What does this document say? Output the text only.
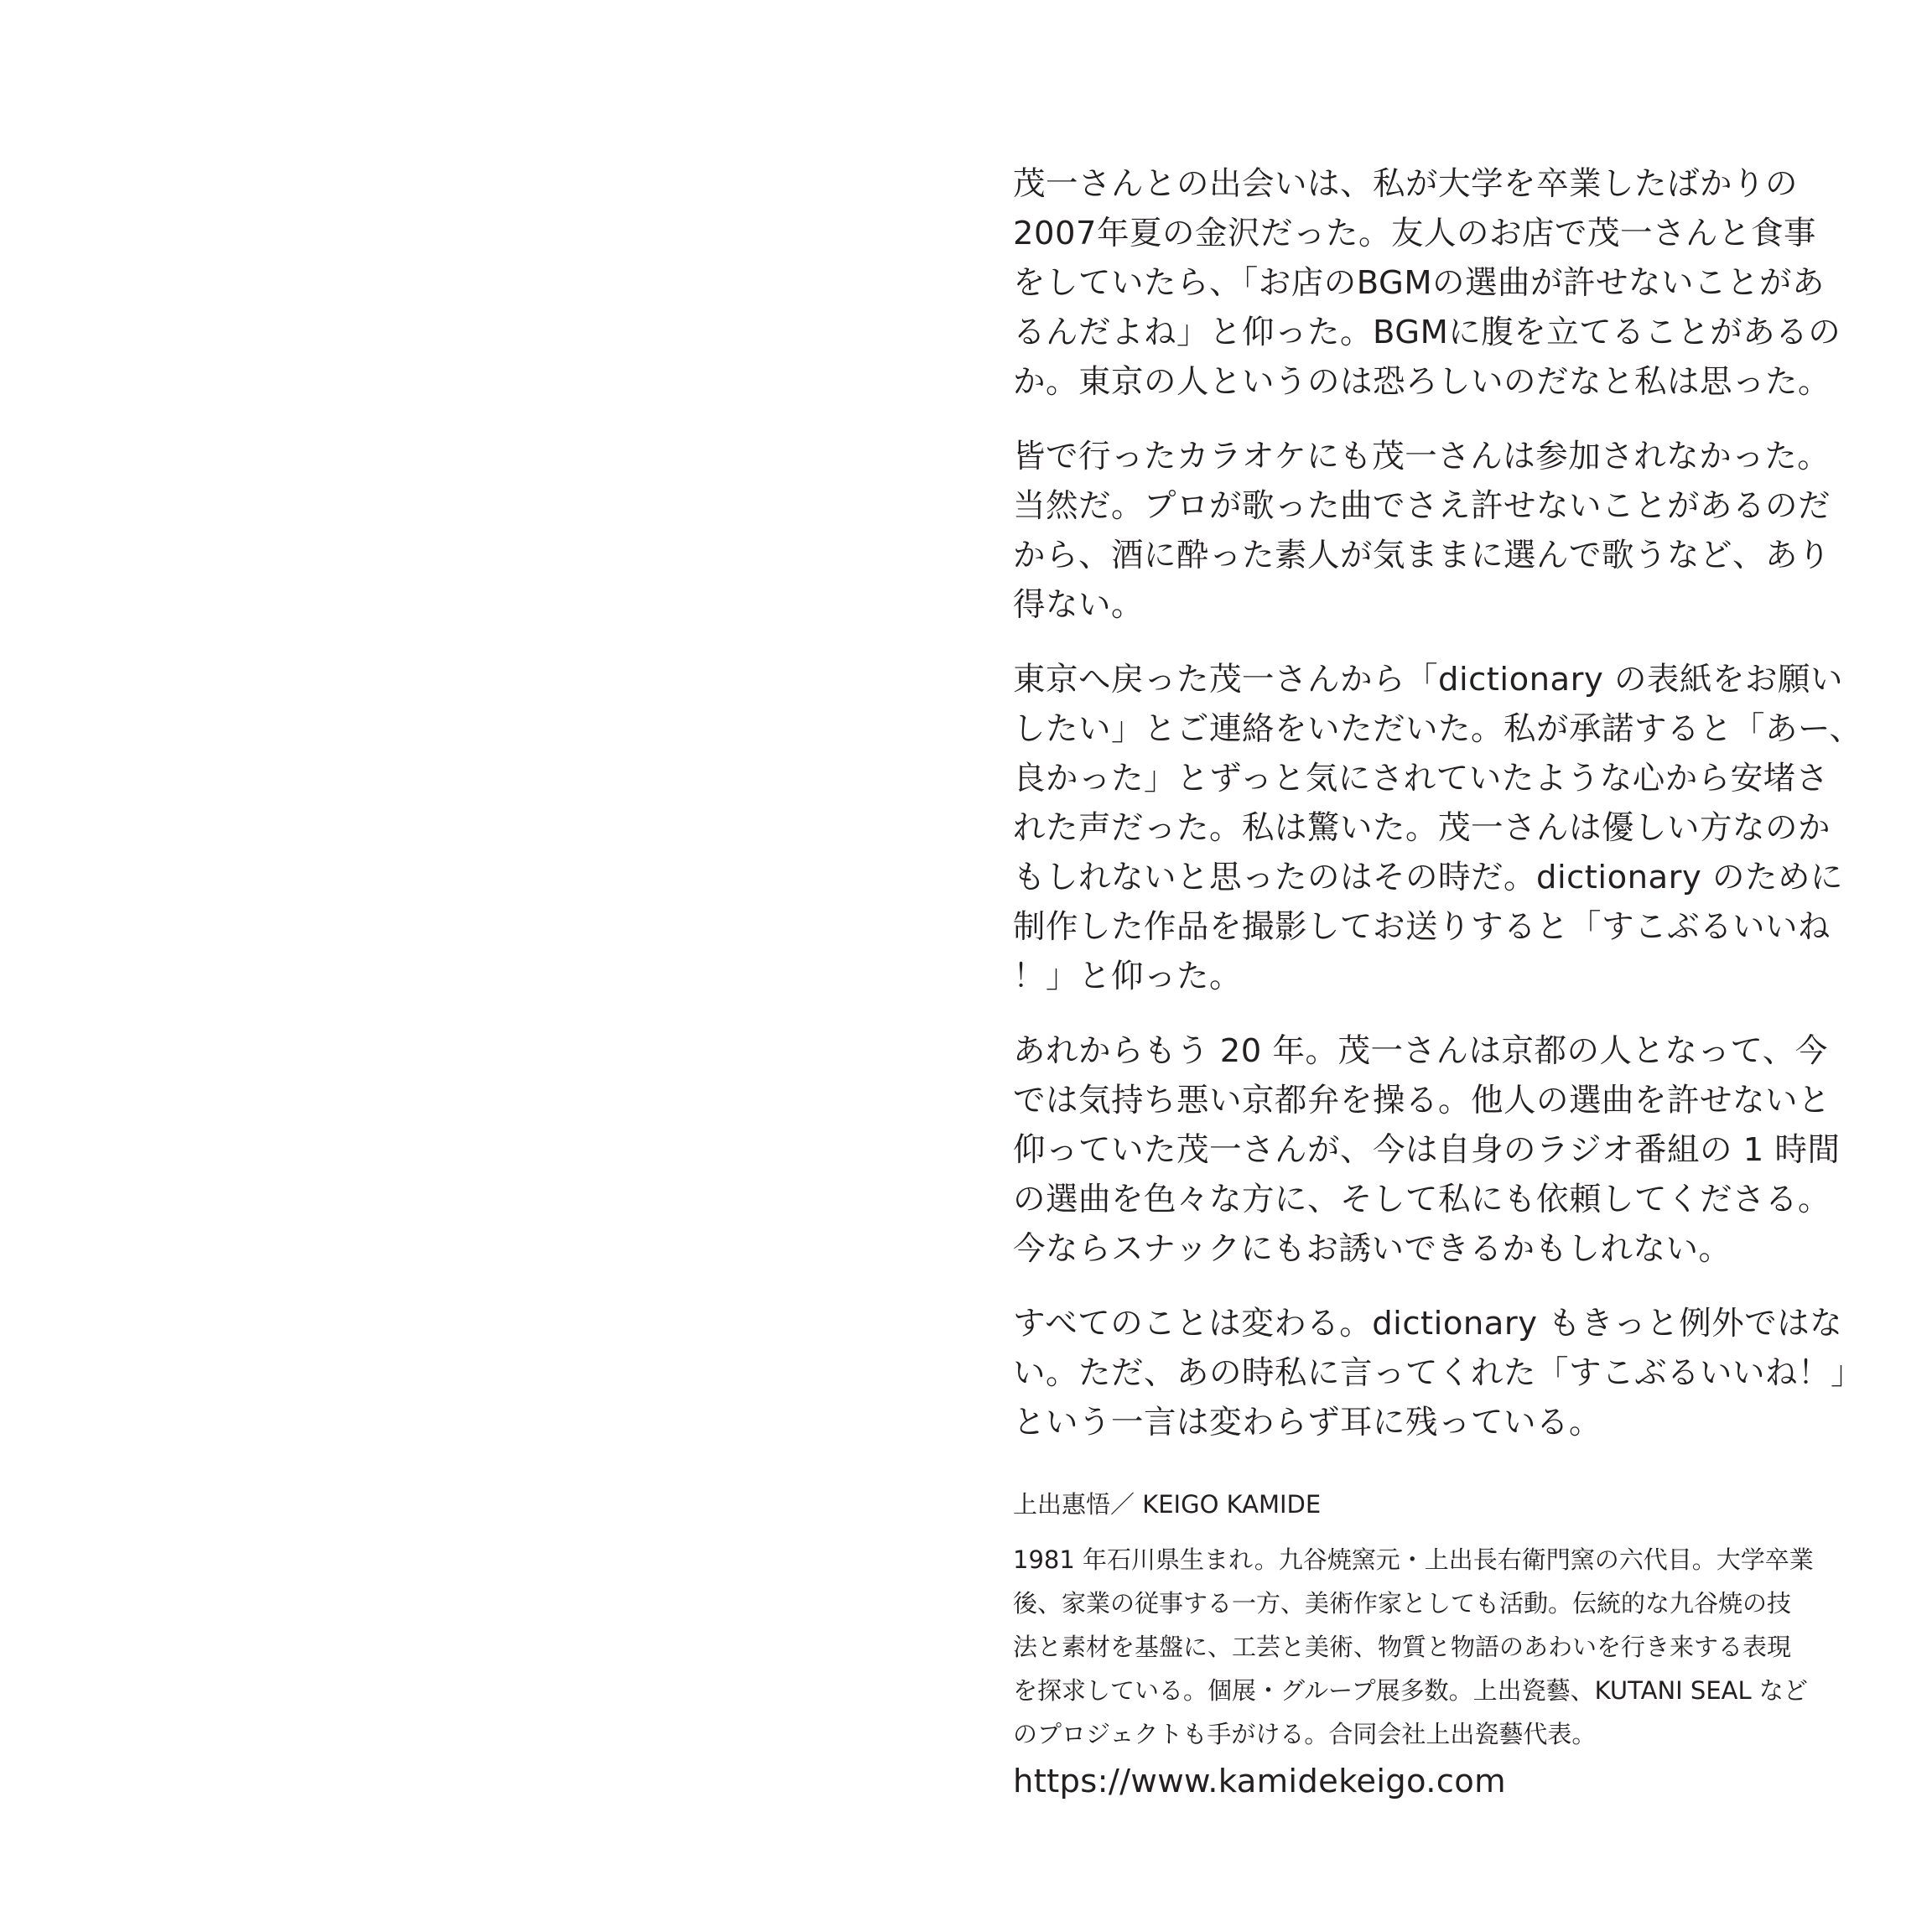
茂一さんとの出会いは、私が大学を卒業したばかりの
2007年夏の金沢だった。友人のお店で茂一さんと食事
をしていたら、「お店のBGMの選曲が許せないことがあ
るんだよね」と仰った。BGMに腹を立てることがあるの
か。東京の人というのは恐ろしいのだなと私は思った。
皆で行ったカラオケにも茂一さんは参加されなかった。
当然だ。プロが歌った曲でさえ許せないことがあるのだ
から、酒に酔った素人が気ままに選んで歌うなど、あり
得ない。
東京へ戻った茂一さんから「dictionary の表紙をお願い
したい」とご連絡をいただいた。私が承諾すると「あー、
良かった」とずっと気にされていたような心から安堵さ
れた声だった。私は驚いた。茂一さんは優しい方なのか
もしれないと思ったのはその時だ。dictionary のために
制作した作品を撮影してお送りすると「すこぶるいいね
！」と仰った。
あれからもう 20 年。茂一さんは京都の人となって、今
では気持ち悪い京都弁を操る。他人の選曲を許せないと
仰っていた茂一さんが、今は自身のラジオ番組の 1 時間
の選曲を色々な方に、そして私にも依頼してくださる。
今ならスナックにもお誘いできるかもしれない。
すべてのことは変わる。dictionary もきっと例外ではな
い。ただ、あの時私に言ってくれた「すこぶるいいね！」
という一言は変わらず耳に残っている。
上出惠悟／ KEIGO KAMIDE
1981 年石川県生まれ。九谷焼窯元・上出長右衛門窯の六代目。大学卒業
後、家業の従事する一方、美術作家としても活動。伝統的な九谷焼の技
法と素材を基盤に、工芸と美術、物質と物語のあわいを行き来する表現
を探求している。個展・グループ展多数。上出瓷藝、KUTANI SEAL など
のプロジェクトも手がける。合同会社上出瓷藝代表。
https://www.kamidekeigo.com
